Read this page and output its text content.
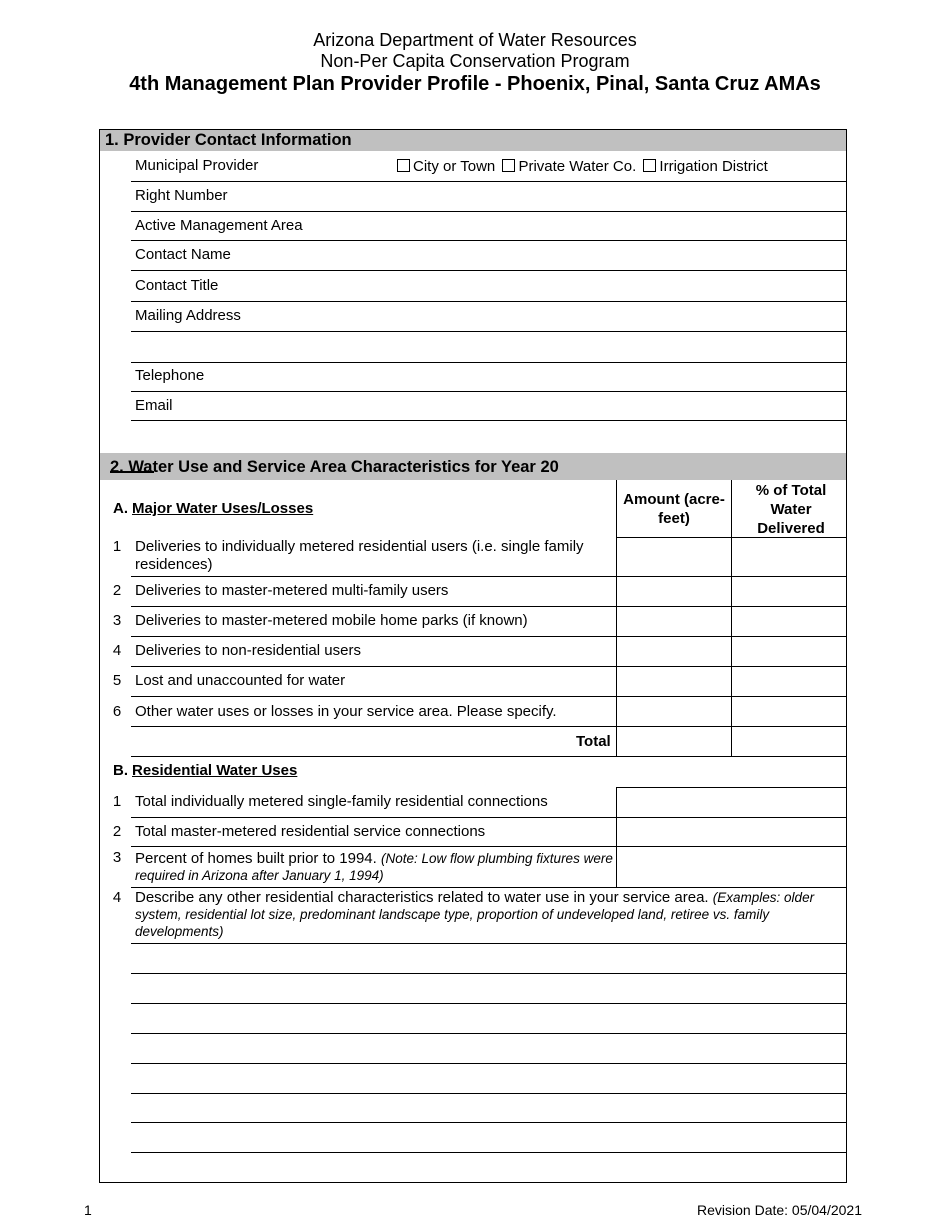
Arizona Department of Water Resources
Non-Per Capita Conservation Program
4th Management Plan Provider Profile - Phoenix, Pinal, Santa Cruz AMAs
1. Provider Contact Information
Municipal Provider	City or Town Private Water Co. Irrigation District
Right Number
Active Management Area
Contact Name
Contact Title
Mailing Address
Telephone
Email
2. Water Use and Service Area Characteristics for Year 20
Amount (acre-feet)
% of Total Water Delivered
A. Major Water Uses/Losses
1 Deliveries to individually metered residential users (i.e. single family residences)
2 Deliveries to master-metered multi-family users
3 Deliveries to master-metered mobile home parks (if known)
4 Deliveries to non-residential users
5 Lost and unaccounted for water
6 Other water uses or losses in your service area. Please specify.
Total
B. Residential Water Uses
1 Total individually metered single-family residential connections
2 Total master-metered residential service connections
3 Percent of homes built prior to 1994. (Note: Low flow plumbing fixtures were required in Arizona after January 1, 1994)
4 Describe any other residential characteristics related to water use in your service area. (Examples: older system, residential lot size, predominant landscape type, proportion of undeveloped land, retiree vs. family developments)
1	Revision Date: 05/04/2021
